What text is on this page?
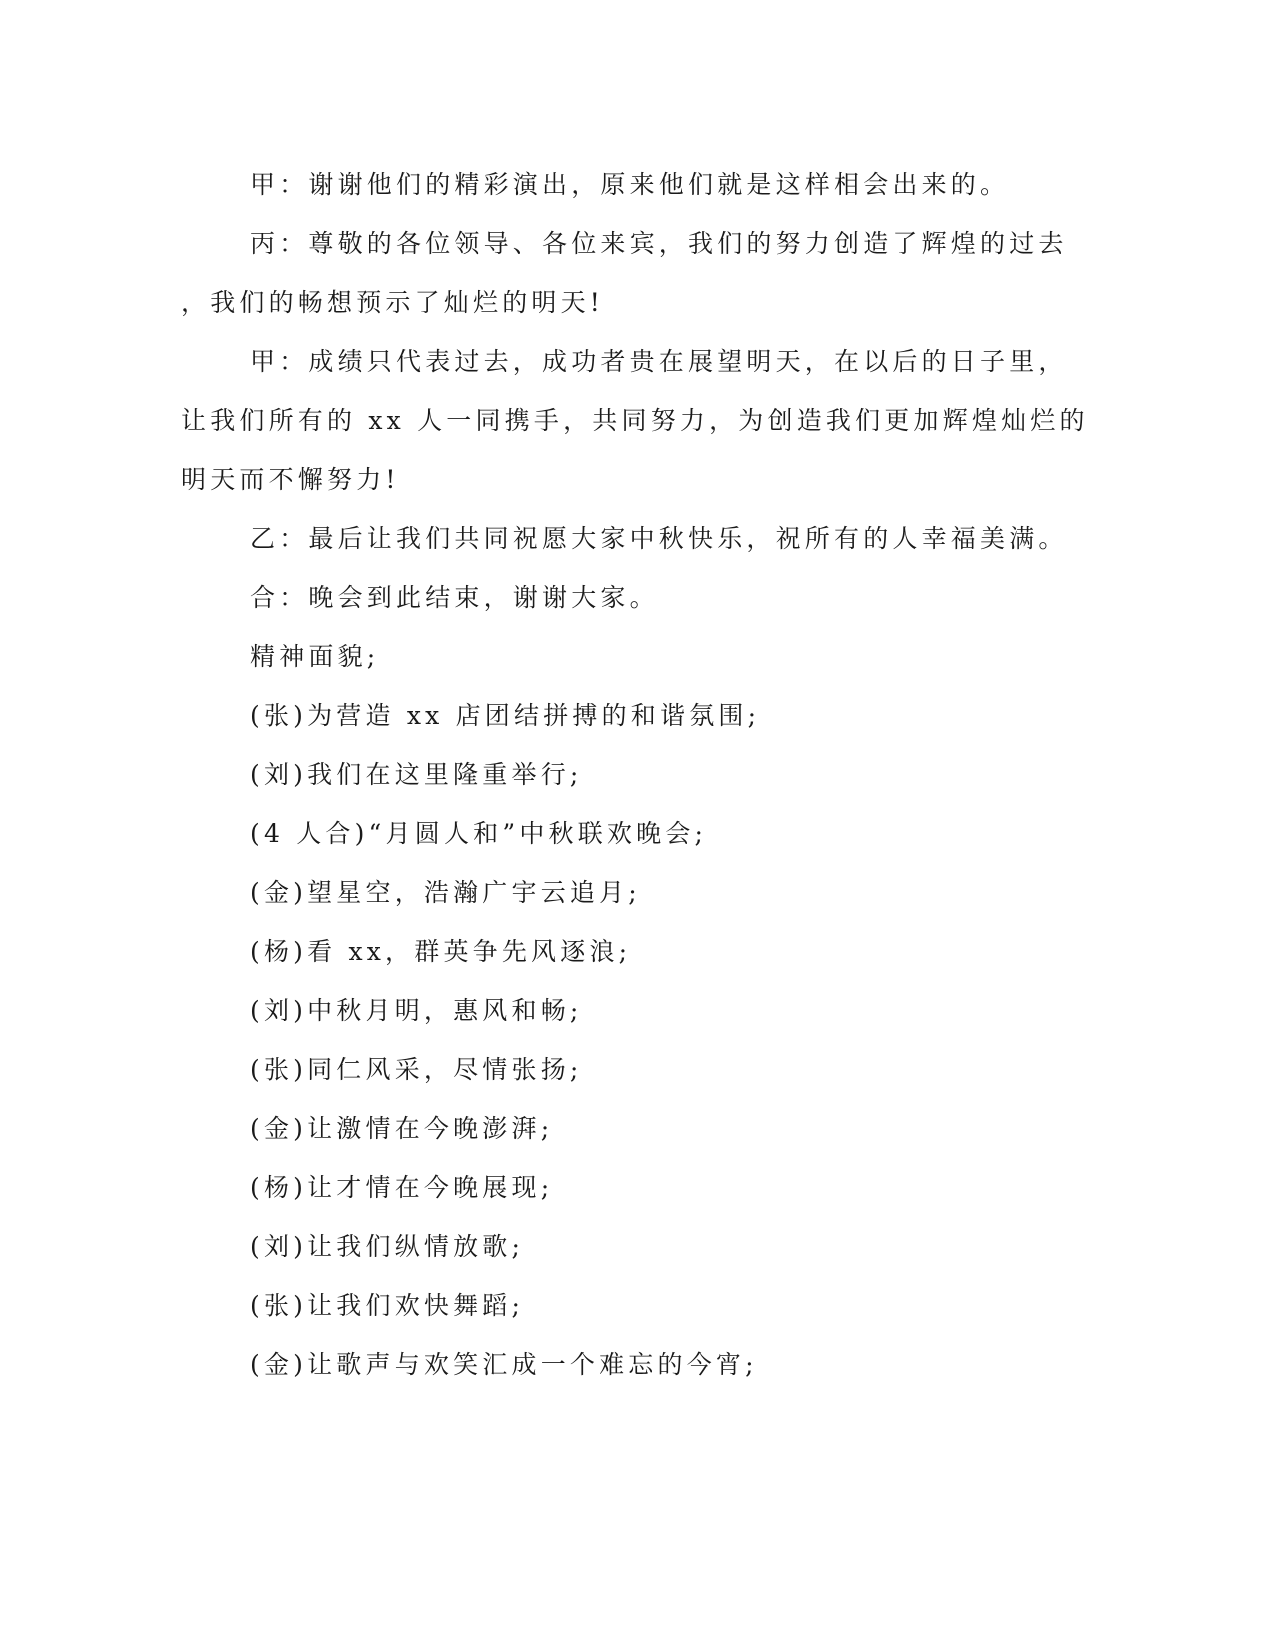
甲：谢谢他们的精彩演出，原来他们就是这样相会出来的。
丙：尊敬的各位领导、各位来宾，我们的努力创造了辉煌的过去
，我们的畅想预示了灿烂的明天!
甲：成绩只代表过去，成功者贵在展望明天，在以后的日子里，
让我们所有的 xx 人一同携手，共同努力，为创造我们更加辉煌灿烂的
明天而不懈努力!
乙：最后让我们共同祝愿大家中秋快乐，祝所有的人幸福美满。
合：晚会到此结束，谢谢大家。
精神面貌;
(张)为营造 xx 店团结拼搏的和谐氛围;
(刘)我们在这里隆重举行;
(4 人合)“月圆人和”中秋联欢晚会;
(金)望星空，浩瀚广宇云追月;
(杨)看 xx，群英争先风逐浪;
(刘)中秋月明，惠风和畅;
(张)同仁风采，尽情张扬;
(金)让激情在今晚澎湃;
(杨)让才情在今晚展现;
(刘)让我们纵情放歌;
(张)让我们欢快舞蹈;
(金)让歌声与欢笑汇成一个难忘的今宵;
